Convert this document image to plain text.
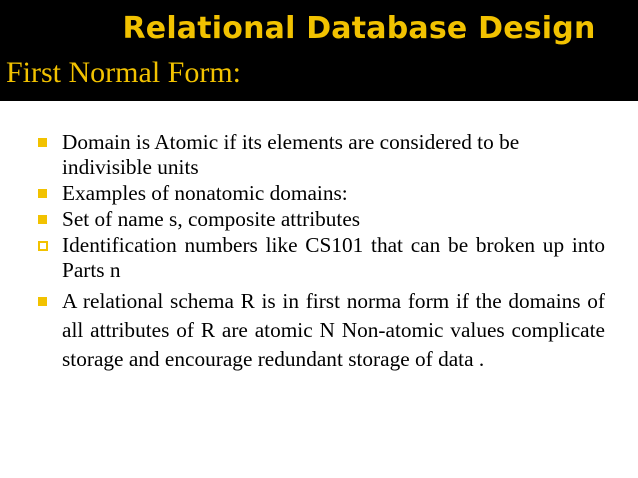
Relational Database Design
First Normal Form:
Domain is Atomic if its elements are considered to be indivisible units
Examples of nonatomic domains:
Set of name s, composite attributes
Identification numbers like CS101 that can be broken up into Parts n
A relational schema R is in first norma form if the domains of all attributes of R are atomic N Non-atomic values complicate storage and encourage redundant storage of data .
